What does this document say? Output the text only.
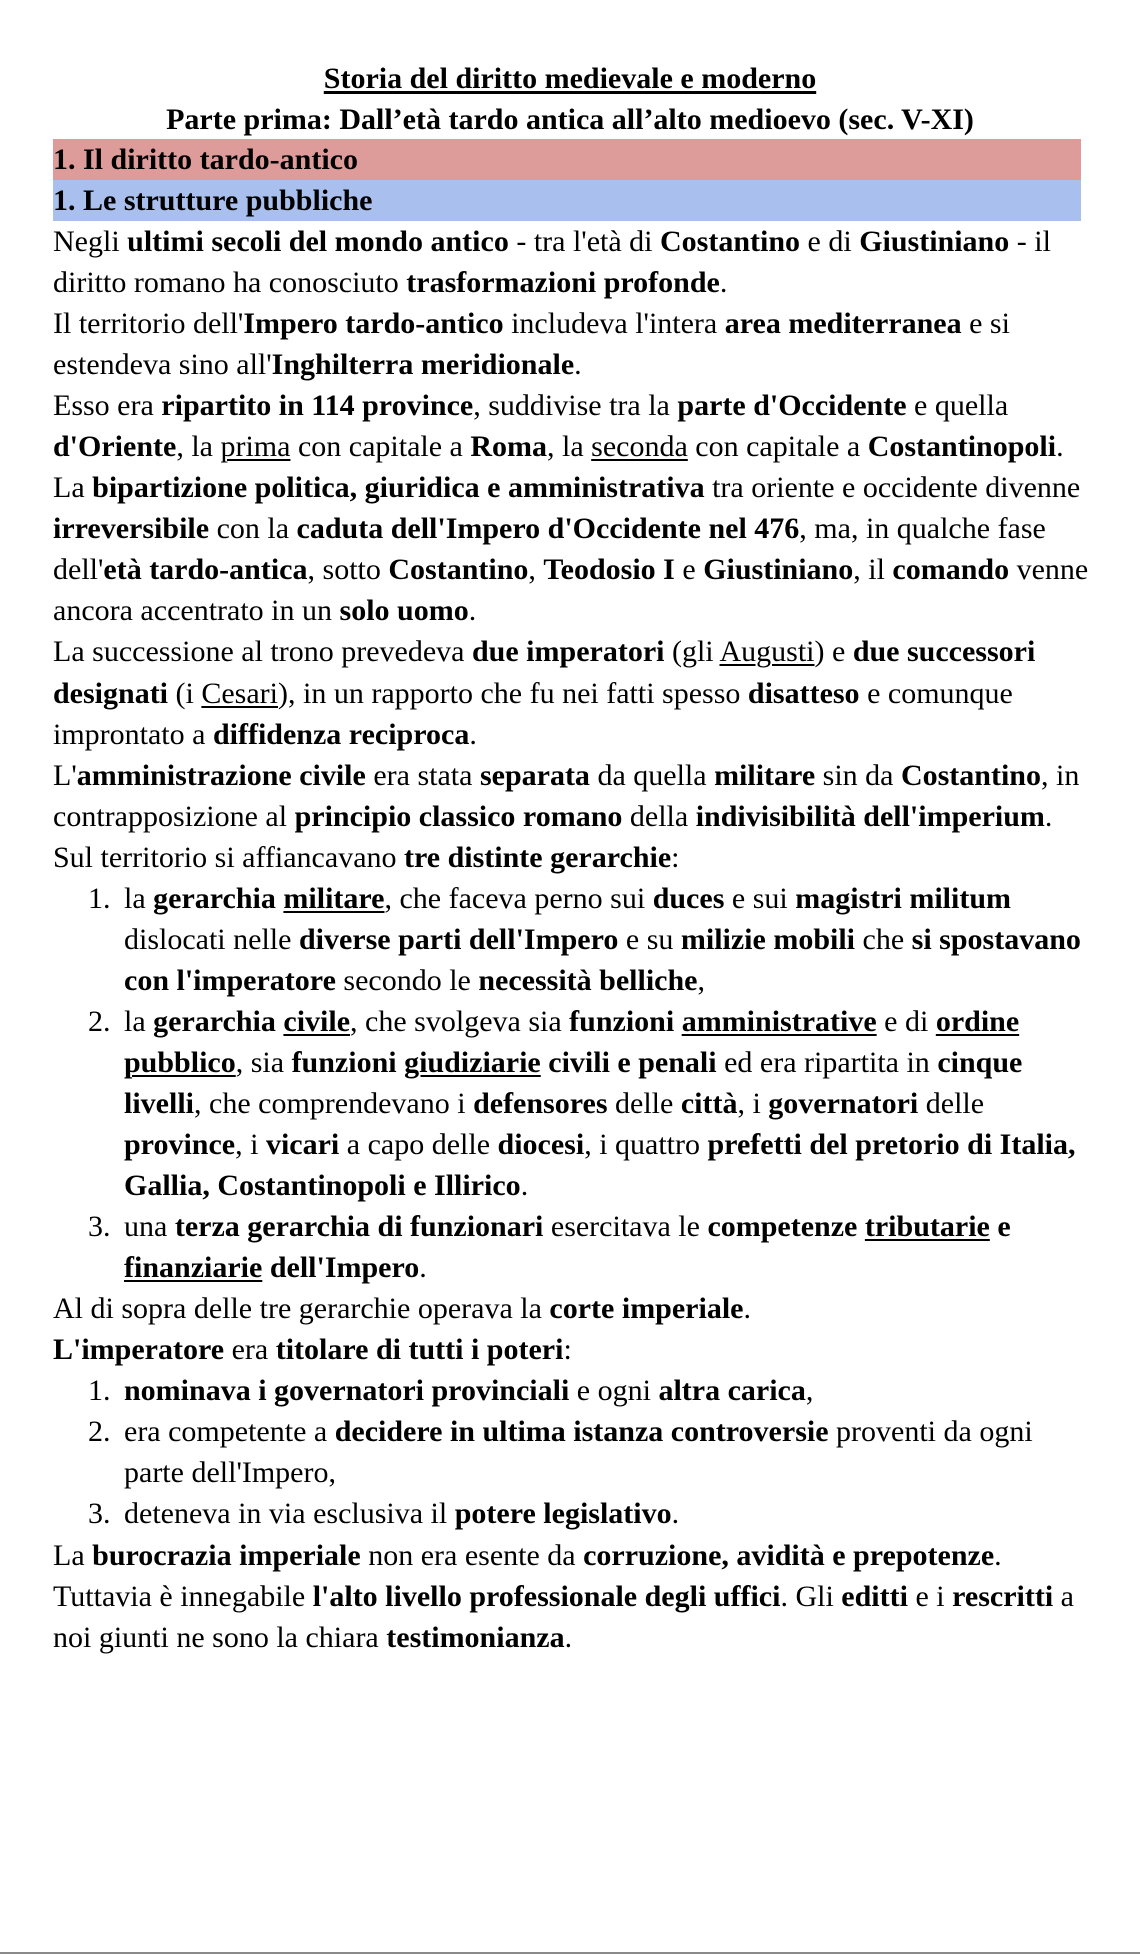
Storia del diritto medievale e moderno
Parte prima: Dall’età tardo antica all’alto medioevo (sec. V-XI)
1. Il diritto tardo-antico
1. Le strutture pubbliche

Negli ultimi secoli del mondo antico - tra l'età di Costantino e di Giustiniano - il diritto romano ha conosciuto trasformazioni profonde.

Il territorio dell'Impero tardo-antico includeva l'intera area mediterranea e si estendeva sino all'Inghilterra meridionale.

Esso era ripartito in 114 province, suddivise tra la parte d'Occidente e quella d'Oriente, la prima con capitale a Roma, la seconda con capitale a Costantinopoli.

La bipartizione politica, giuridica e amministrativa tra oriente e occidente divenne irreversibile con la caduta dell'Impero d'Occidente nel 476, ma, in qualche fase dell'età tardo-antica, sotto Costantino, Teodosio I e Giustiniano, il comando venne ancora accentrato in un solo uomo.

La successione al trono prevedeva due imperatori (gli Augusti) e due successori designati (i Cesari), in un rapporto che fu nei fatti spesso disatteso e comunque improntato a diffidenza reciproca.

L'amministrazione civile era stata separata da quella militare sin da Costantino, in contrapposizione al principio classico romano della indivisibilità dell'imperium. Sul territorio si affiancavano tre distinte gerarchie:

1. la gerarchia militare, che faceva perno sui duces e sui magistri militum dislocati nelle diverse parti dell'Impero e su milizie mobili che si spostavano con l'imperatore secondo le necessità belliche,
2. la gerarchia civile, che svolgeva sia funzioni amministrative e di ordine pubblico, sia funzioni giudiziarie civili e penali ed era ripartita in cinque livelli, che comprendevano i defensores delle città, i governatori delle province, i vicari a capo delle diocesi, i quattro prefetti del pretorio di Italia, Gallia, Costantinopoli e Illirico.
3. una terza gerarchia di funzionari esercitava le competenze tributarie e finanziarie dell'Impero.

Al di sopra delle tre gerarchie operava la corte imperiale.

L'imperatore era titolare di tutti i poteri:

1. nominava i governatori provinciali e ogni altra carica,
2. era competente a decidere in ultima istanza controversie proventi da ogni parte dell'Impero,
3. deteneva in via esclusiva il potere legislativo.

La burocrazia imperiale non era esente da corruzione, avidità e prepotenze. Tuttavia è innegabile l'alto livello professionale degli uffici. Gli editti e i rescritti a noi giunti ne sono la chiara testimonianza.
